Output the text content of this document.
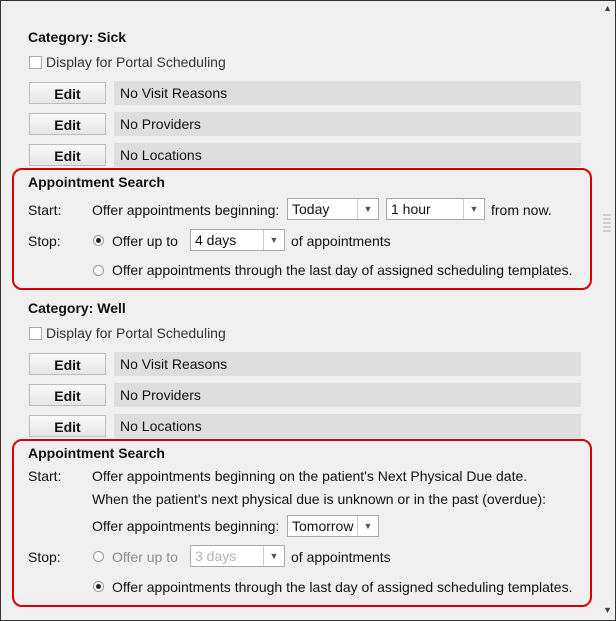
Category: Sick
Display for Portal Scheduling
Edit	No Visit Reasons
Edit	No Providers
Edit	No Locations
Appointment Search
Start: Offer appointments beginning: Today	▼	1 hour	▼ from now.
Stop:	Offer up to 4 days	▼ of appointments
Offer appointments through the last day of assigned scheduling templates.
Category: Well
Display for Portal Scheduling
Edit	No Visit Reasons
Edit	No Providers
Edit	No Locations
Appointment Search
Start: Offer appointments beginning on the patient's Next Physical Due date.
When the patient's next physical due is unknown or in the past (overdue):
Offer appointments beginning: Tomorrow	▼
Stop:	Offer up to 3 days	▼ of appointments
Offer appointments through the last day of assigned scheduling templates.
▲
▼
